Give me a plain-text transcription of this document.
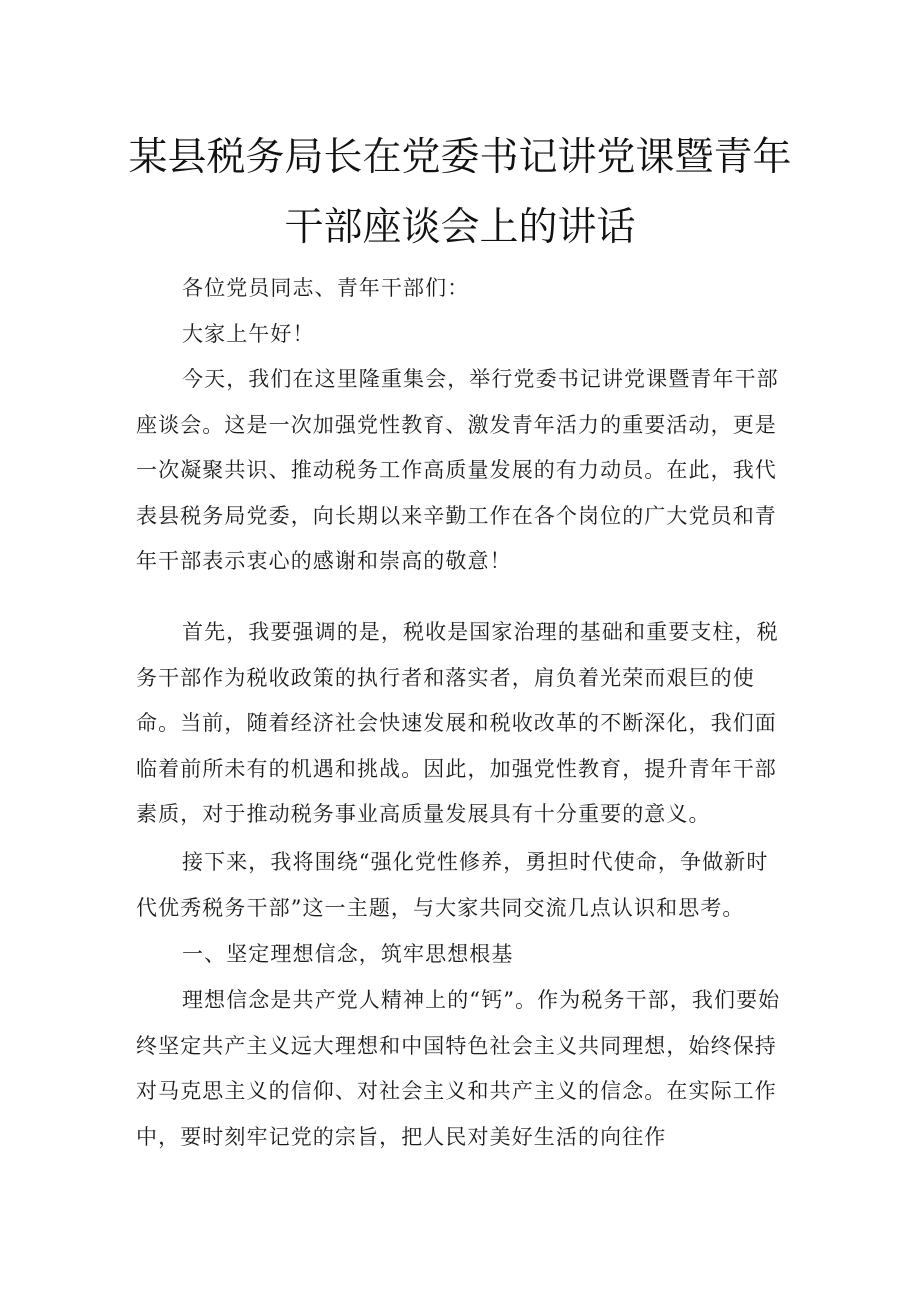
某县税务局长在党委书记讲党课暨青年
干部座谈会上的讲话

各位党员同志、青年干部们：

大家上午好！

今天，我们在这里隆重集会，举行党委书记讲党课暨青年干部座谈会。这是一次加强党性教育、激发青年活力的重要活动，更是一次凝聚共识、推动税务工作高质量发展的有力动员。在此，我代表县税务局党委，向长期以来辛勤工作在各个岗位的广大党员和青年干部表示衷心的感谢和崇高的敬意！

首先，我要强调的是，税收是国家治理的基础和重要支柱，税务干部作为税收政策的执行者和落实者，肩负着光荣而艰巨的使命。当前，随着经济社会快速发展和税收改革的不断深化，我们面临着前所未有的机遇和挑战。因此，加强党性教育，提升青年干部素质，对于推动税务事业高质量发展具有十分重要的意义。

接下来，我将围绕“强化党性修养，勇担时代使命，争做新时代优秀税务干部”这一主题，与大家共同交流几点认识和思考。

一、坚定理想信念，筑牢思想根基

理想信念是共产党人精神上的“钙”。作为税务干部，我们要始终坚定共产主义远大理想和中国特色社会主义共同理想，始终保持对马克思主义的信仰、对社会主义和共产主义的信念。在实际工作中，要时刻牢记党的宗旨，把人民对美好生活的向往作
